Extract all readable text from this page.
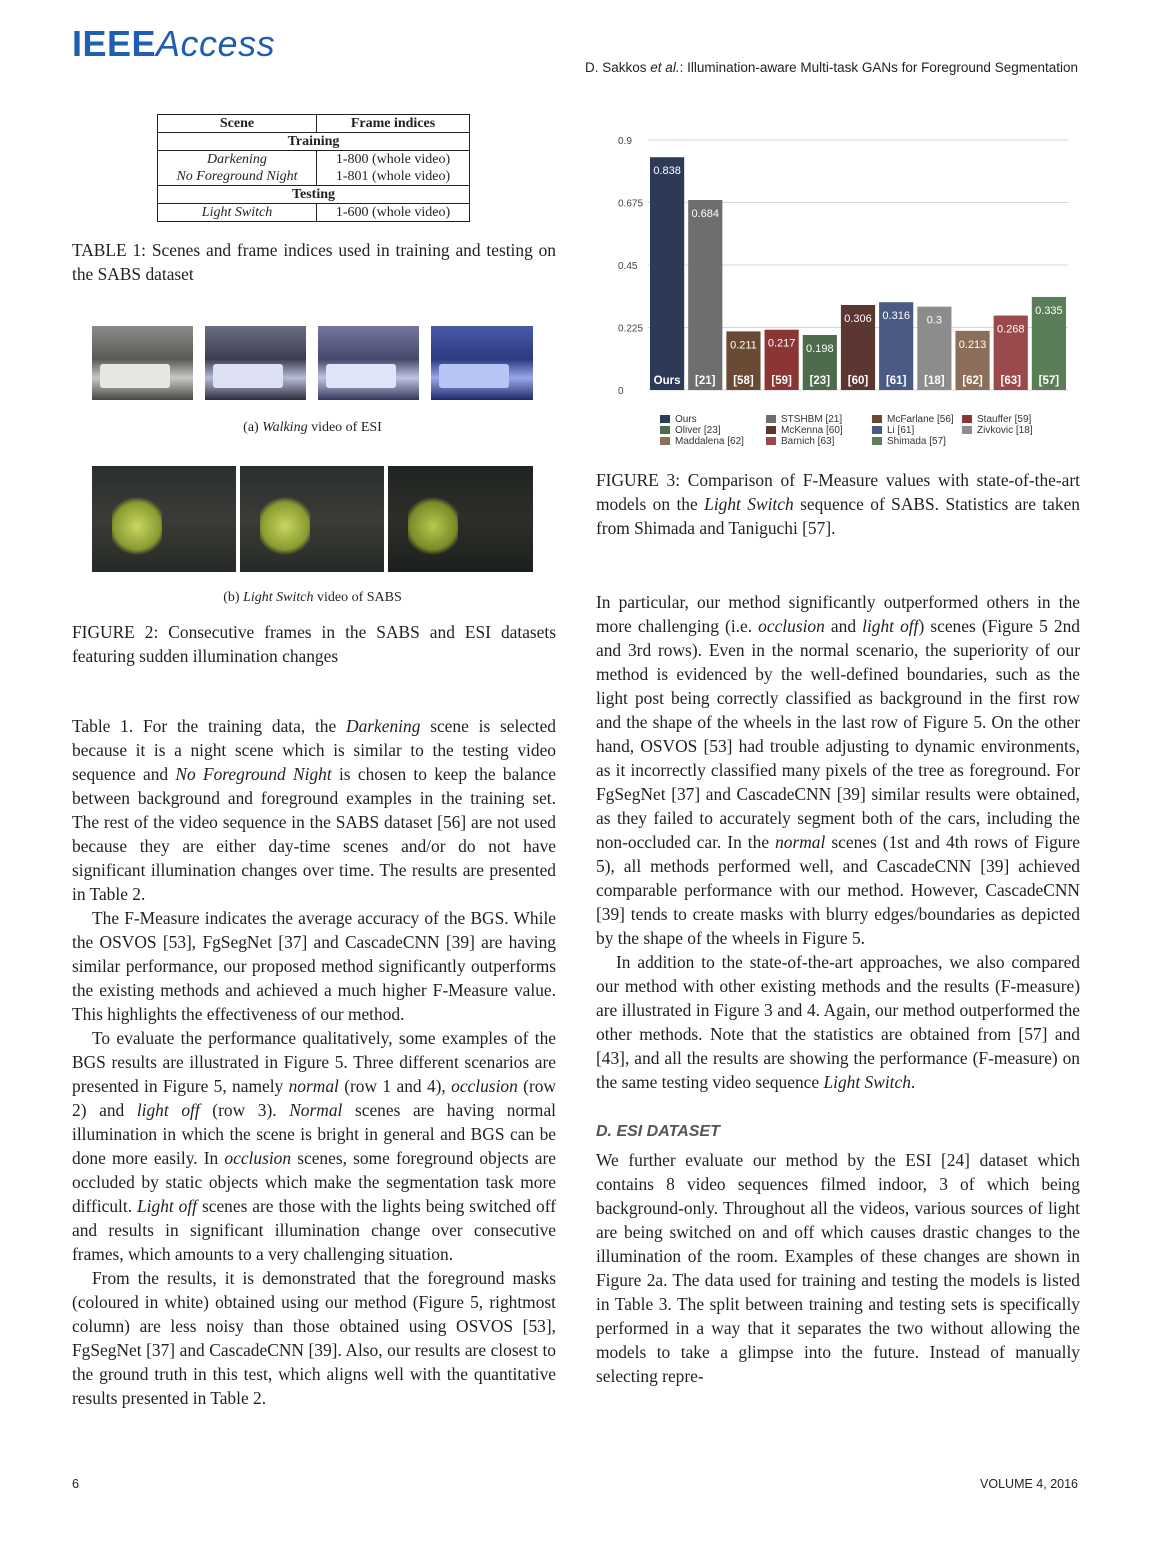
IEEEAccess
D. Sakkos et al.: Illumination-aware Multi-task GANs for Foreground Segmentation
Scene	Frame indices
Training	
Darkening	1-800 (whole video)
No Foreground Night	1-801 (whole video)
Testing	
Light Switch	1-600 (whole video)
TABLE 1: Scenes and frame indices used in training and testing on the SABS dataset
(a) Walking video of ESI
(b) Light Switch video of SABS
FIGURE 2: Consecutive frames in the SABS and ESI datasets featuring sudden illumination changes

Table 1. For the training data, the Darkening scene is selected because it is a night scene which is similar to the testing video sequence and No Foreground Night is chosen to keep the balance between background and foreground examples in the training set. The rest of the video sequence in the SABS dataset [56] are not used because they are either day-time scenes and/or do not have significant illumination changes over time. The results are presented in Table 2.

The F-Measure indicates the average accuracy of the BGS. While the OSVOS [53], FgSegNet [37] and CascadeCNN [39] are having similar performance, our proposed method significantly outperforms the existing methods and achieved a much higher F-Measure value. This highlights the effectiveness of our method.

To evaluate the performance qualitatively, some examples of the BGS results are illustrated in Figure 5. Three different scenarios are presented in Figure 5, namely normal (row 1 and 4), occlusion (row 2) and light off (row 3). Normal scenes are having normal illumination in which the scene is bright in general and BGS can be done more easily. In occlusion scenes, some foreground objects are occluded by static objects which make the segmentation task more difficult. Light off scenes are those with the lights being switched off and results in significant illumination change over consecutive frames, which amounts to a very challenging situation.

From the results, it is demonstrated that the foreground masks (coloured in white) obtained using our method (Figure 5, rightmost column) are less noisy than those obtained using OSVOS [53], FgSegNet [37] and CascadeCNN [39]. Also, our results are closest to the ground truth in this test, which aligns well with the quantitative results presented in Table 2.

0.9
0.675
0.45
0.225
0
0.838
Ours
0.684
[21]
0.211
[58]
0.217
[59]
0.198
[23]
0.306
[60]
0.316
[61]
0.3
[18]
0.213
[62]
0.268
[63]
0.335
[57]
Ours	STSHBM [21]	McFarlane [56]	Stauffer [59]
Oliver [23]	McKenna [60]	Li [61]	Zivkovic [18]
Maddalena [62]	Barnich [63]	Shimada [57]
FIGURE 3: Comparison of F-Measure values with state-of-the-art models on the Light Switch sequence of SABS. Statistics are taken from Shimada and Taniguchi [57].

In particular, our method significantly outperformed others in the more challenging (i.e. occlusion and light off) scenes (Figure 5 2nd and 3rd rows). Even in the normal scenario, the superiority of our method is evidenced by the well-defined boundaries, such as the light post being correctly classified as background in the first row and the shape of the wheels in the last row of Figure 5. On the other hand, OSVOS [53] had trouble adjusting to dynamic environments, as it incorrectly classified many pixels of the tree as foreground. For FgSegNet [37] and CascadeCNN [39] similar results were obtained, as they failed to accurately segment both of the cars, including the non-occluded car. In the normal scenes (1st and 4th rows of Figure 5), all methods performed well, and CascadeCNN [39] achieved comparable performance with our method. However, CascadeCNN [39] tends to create masks with blurry edges/boundaries as depicted by the shape of the wheels in Figure 5.

In addition to the state-of-the-art approaches, we also compared our method with other existing methods and the results (F-measure) are illustrated in Figure 3 and 4. Again, our method outperformed the other methods. Note that the statistics are obtained from [57] and [43], and all the results are showing the performance (F-measure) on the same testing video sequence Light Switch.

D. ESI DATASET

We further evaluate our method by the ESI [24] dataset which contains 8 video sequences filmed indoor, 3 of which being background-only. Throughout all the videos, various sources of light are being switched on and off which causes drastic changes to the illumination of the room. Examples of these changes are shown in Figure 2a. The data used for training and testing the models is listed in Table 3. The split between training and testing sets is specifically performed in a way that it separates the two without allowing the models to take a glimpse into the future. Instead of manually selecting repre-

6	VOLUME 4, 2016
